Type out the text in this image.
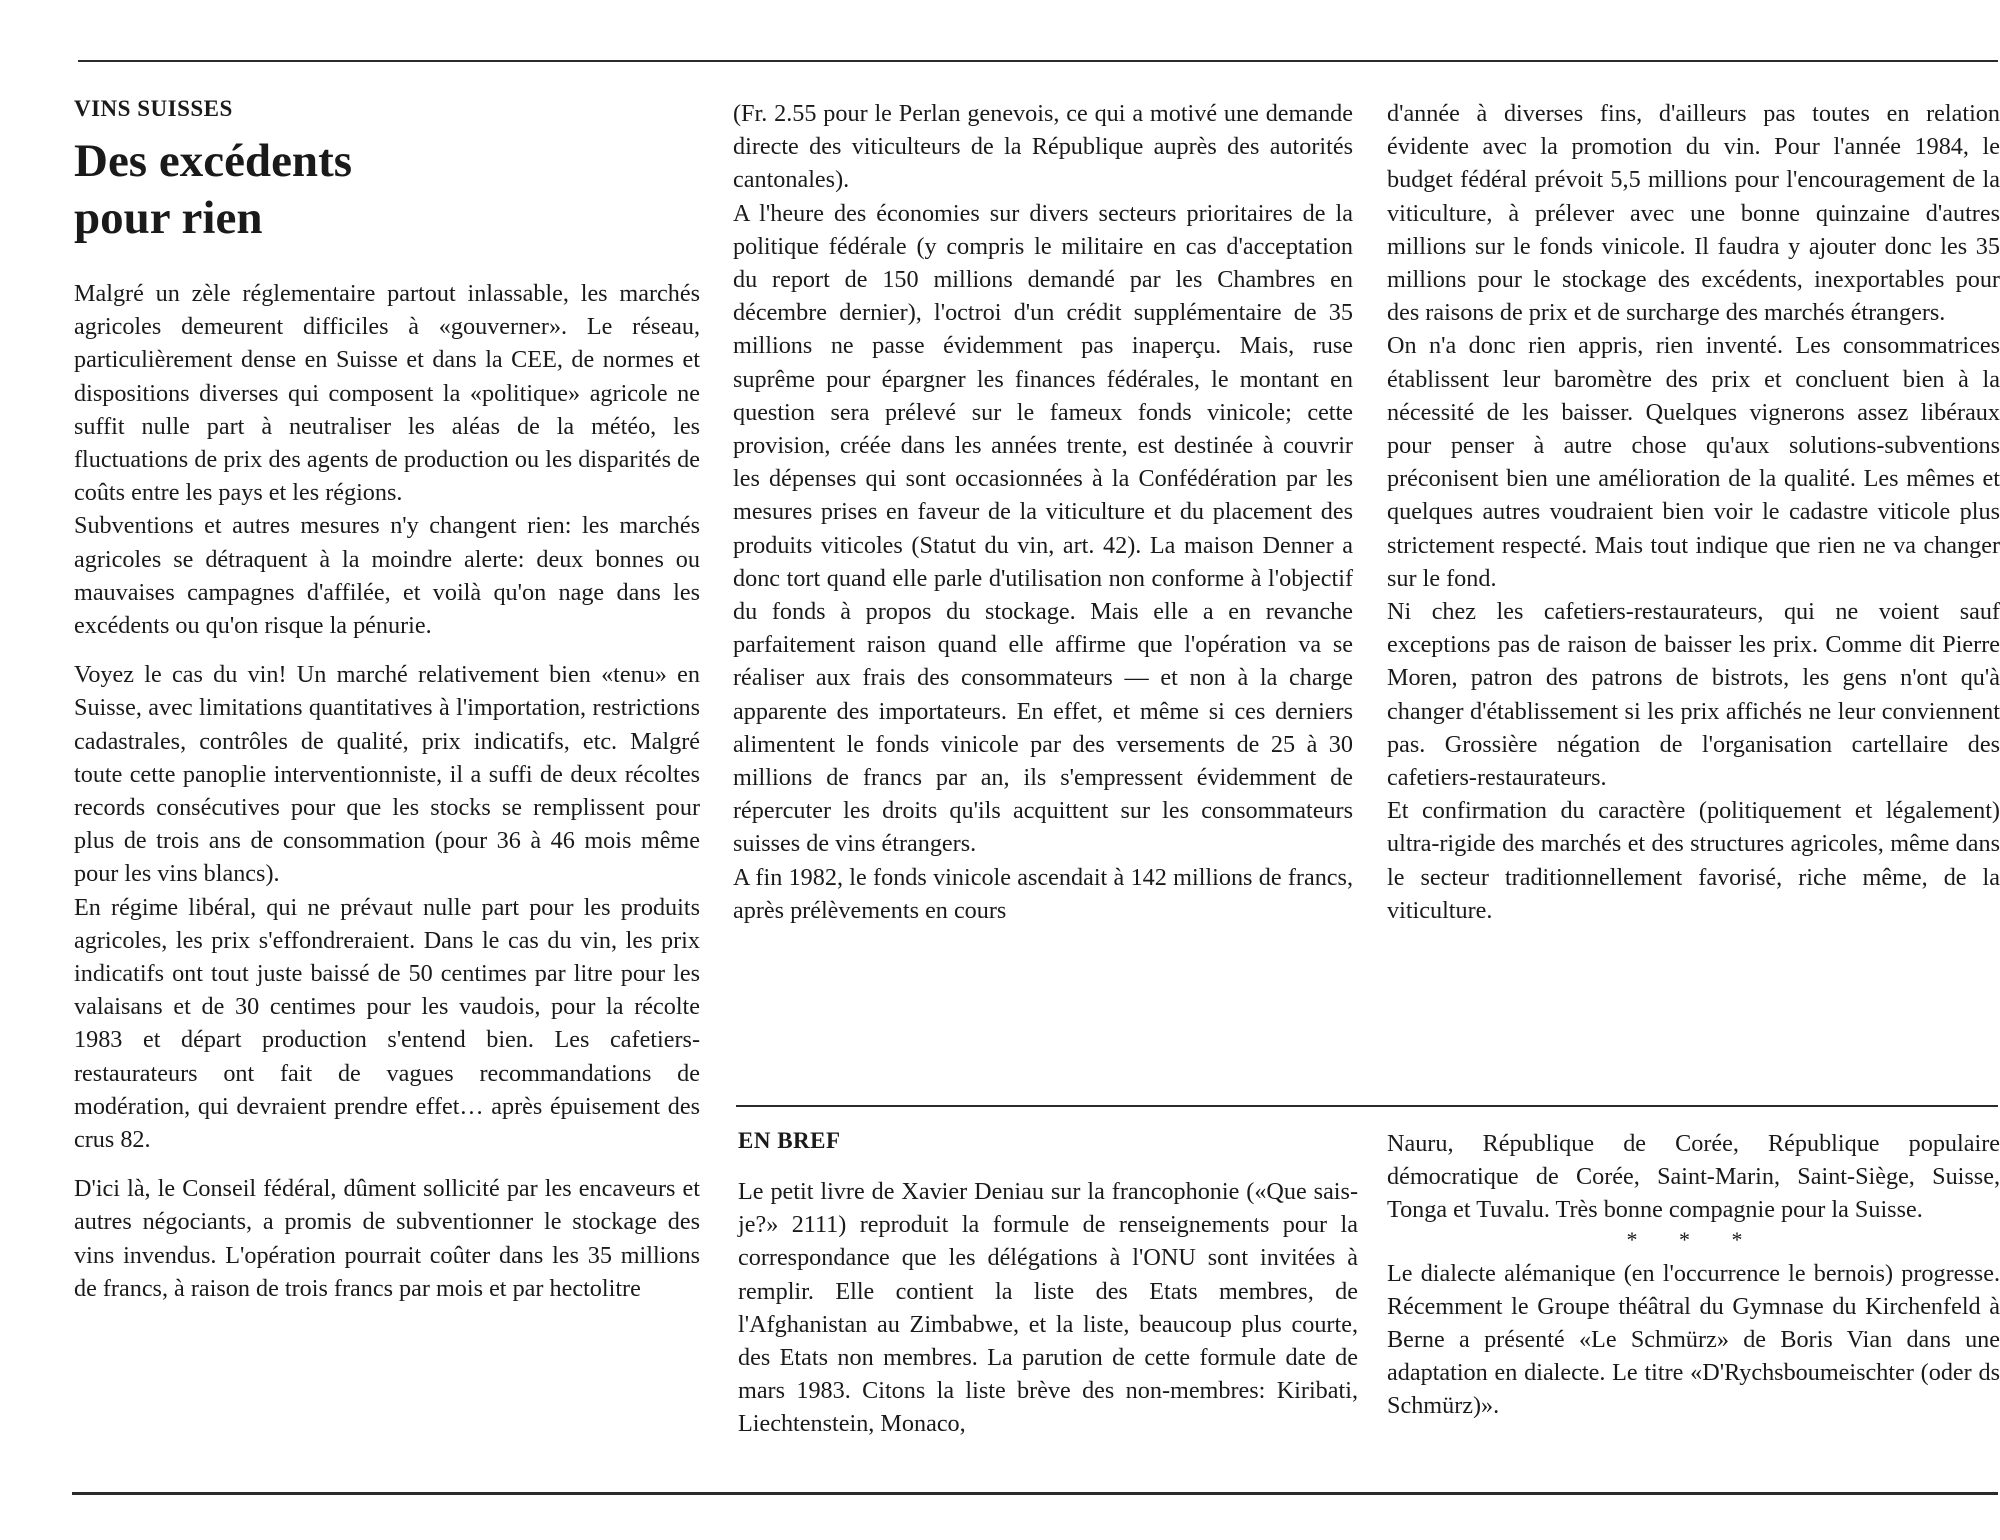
VINS SUISSES
Des excédents
pour rien

Malgré un zèle réglementaire partout inlassable, les marchés agricoles demeurent difficiles à «gouverner». Le réseau, particulièrement dense en Suisse et dans la CEE, de normes et dispositions diverses qui composent la «politique» agricole ne suffit nulle part à neutraliser les aléas de la météo, les fluctuations de prix des agents de production ou les disparités de coûts entre les pays et les régions.

Subventions et autres mesures n'y changent rien: les marchés agricoles se détraquent à la moindre alerte: deux bonnes ou mauvaises campagnes d'affilée, et voilà qu'on nage dans les excédents ou qu'on risque la pénurie.

Voyez le cas du vin! Un marché relativement bien «tenu» en Suisse, avec limitations quantitatives à l'importation, restrictions cadastrales, contrôles de qualité, prix indicatifs, etc. Malgré toute cette panoplie interventionniste, il a suffi de deux récoltes records consécutives pour que les stocks se remplissent pour plus de trois ans de consommation (pour 36 à 46 mois même pour les vins blancs).

En régime libéral, qui ne prévaut nulle part pour les produits agricoles, les prix s'effondreraient. Dans le cas du vin, les prix indicatifs ont tout juste baissé de 50 centimes par litre pour les valaisans et de 30 centimes pour les vaudois, pour la récolte 1983 et départ production s'entend bien. Les cafetiers-restaurateurs ont fait de vagues recommandations de modération, qui devraient prendre effet… après épuisement des crus 82.

D'ici là, le Conseil fédéral, dûment sollicité par les encaveurs et autres négociants, a promis de subventionner le stockage des vins invendus. L'opération pourrait coûter dans les 35 millions de francs, à raison de trois francs par mois et par hectolitre

(Fr. 2.55 pour le Perlan genevois, ce qui a motivé une demande directe des viticulteurs de la République auprès des autorités cantonales).

A l'heure des économies sur divers secteurs prioritaires de la politique fédérale (y compris le militaire en cas d'acceptation du report de 150 millions demandé par les Chambres en décembre dernier), l'octroi d'un crédit supplémentaire de 35 millions ne passe évidemment pas inaperçu. Mais, ruse suprême pour épargner les finances fédérales, le montant en question sera prélevé sur le fameux fonds vinicole; cette provision, créée dans les années trente, est destinée à couvrir les dépenses qui sont occasionnées à la Confédération par les mesures prises en faveur de la viticulture et du placement des produits viticoles (Statut du vin, art. 42). La maison Denner a donc tort quand elle parle d'utilisation non conforme à l'objectif du fonds à propos du stockage. Mais elle a en revanche parfaitement raison quand elle affirme que l'opération va se réaliser aux frais des consommateurs — et non à la charge apparente des importateurs. En effet, et même si ces derniers alimentent le fonds vinicole par des versements de 25 à 30 millions de francs par an, ils s'empressent évidemment de répercuter les droits qu'ils acquittent sur les consommateurs suisses de vins étrangers.

A fin 1982, le fonds vinicole ascendait à 142 millions de francs, après prélèvements en cours

d'année à diverses fins, d'ailleurs pas toutes en relation évidente avec la promotion du vin. Pour l'année 1984, le budget fédéral prévoit 5,5 millions pour l'encouragement de la viticulture, à prélever avec une bonne quinzaine d'autres millions sur le fonds vinicole. Il faudra y ajouter donc les 35 millions pour le stockage des excédents, inexportables pour des raisons de prix et de surcharge des marchés étrangers.

On n'a donc rien appris, rien inventé. Les consommatrices établissent leur baromètre des prix et concluent bien à la nécessité de les baisser. Quelques vignerons assez libéraux pour penser à autre chose qu'aux solutions-subventions préconisent bien une amélioration de la qualité. Les mêmes et quelques autres voudraient bien voir le cadastre viticole plus strictement respecté. Mais tout indique que rien ne va changer sur le fond.

Ni chez les cafetiers-restaurateurs, qui ne voient sauf exceptions pas de raison de baisser les prix. Comme dit Pierre Moren, patron des patrons de bistrots, les gens n'ont qu'à changer d'établissement si les prix affichés ne leur conviennent pas. Grossière négation de l'organisation cartellaire des cafetiers-restaurateurs.

Et confirmation du caractère (politiquement et légalement) ultra-rigide des marchés et des structures agricoles, même dans le secteur traditionnellement favorisé, riche même, de la viticulture.

EN BREF

Le petit livre de Xavier Deniau sur la francophonie («Que sais-je?» 2111) reproduit la formule de renseignements pour la correspondance que les délégations à l'ONU sont invitées à remplir. Elle contient la liste des Etats membres, de l'Afghanistan au Zimbabwe, et la liste, beaucoup plus courte, des Etats non membres. La parution de cette formule date de mars 1983. Citons la liste brève des non-membres: Kiribati, Liechtenstein, Monaco,

Nauru, République de Corée, République populaire démocratique de Corée, Saint-Marin, Saint-Siège, Suisse, Tonga et Tuvalu. Très bonne compagnie pour la Suisse.

* * *

Le dialecte alémanique (en l'occurrence le bernois) progresse. Récemment le Groupe théâtral du Gymnase du Kirchenfeld à Berne a présenté «Le Schmürz» de Boris Vian dans une adaptation en dialecte. Le titre «D'Rychsboumeischter (oder ds Schmürz)».
